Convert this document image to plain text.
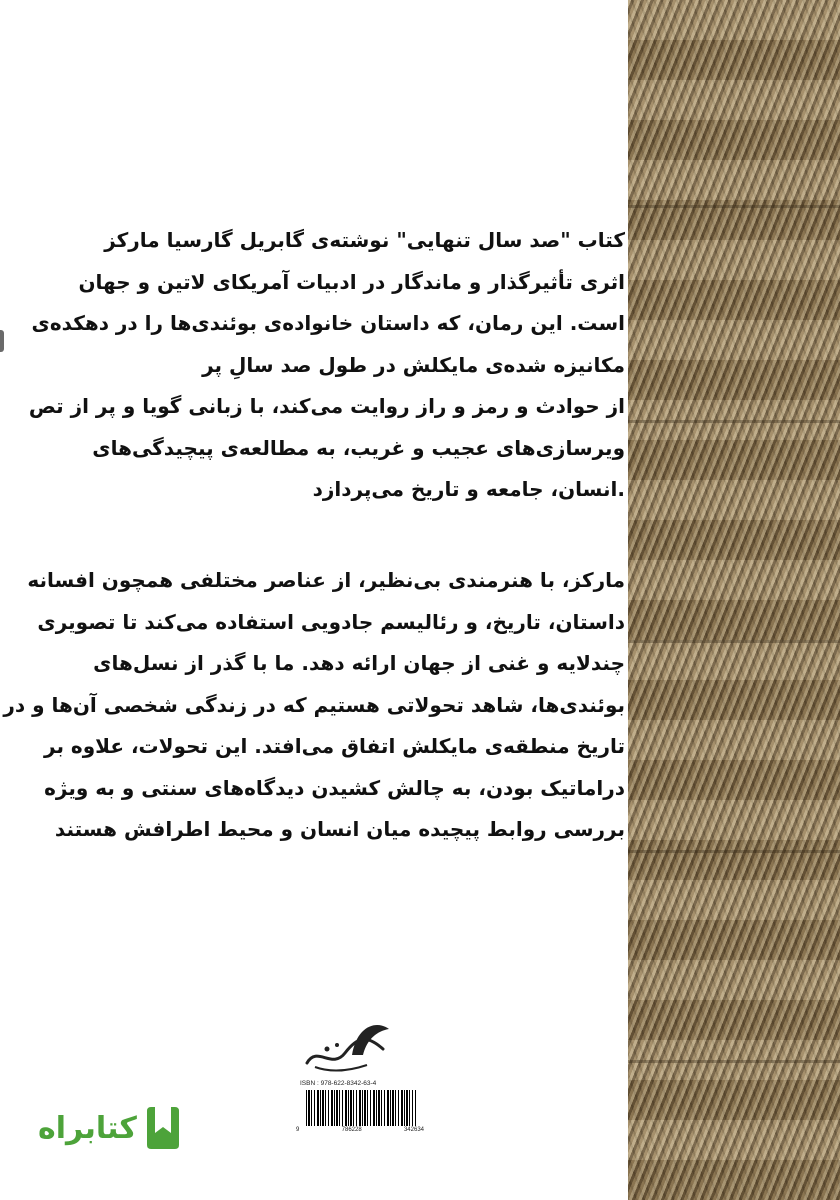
کتاب "صد سال تنهایی" نوشته‌ی گابریل گارسیا مارکز
اثری تأثیرگذار و ماندگار در ادبیات آمریکای لاتین و جهان
است. این رمان، که داستان خانواده‌ی بوئندی‌ها را در دهکده‌ی
مکانیزه شده‌ی مایکلش در طول صد سالِ پر
از حوادث و رمز و راز روایت می‌کند، با زبانی گویا و پر از تص
ویرسازی‌های عجیب و غریب، به مطالعه‌ی پیچیدگی‌های
.انسان، جامعه و تاریخ می‌پردازد
مارکز، با هنرمندی بی‌نظیر، از عناصر مختلفی همچون افسانه
داستان، تاریخ، و رئالیسم جادویی استفاده می‌کند تا تصویری
چندلایه و غنی از جهان ارائه دهد. ما با گذر از نسل‌های
بوئندی‌ها، شاهد تحولاتی هستیم که در زندگی شخصی آن‌ها و در
تاریخ منطقه‌ی مایکلش اتفاق می‌افتد. این تحولات، علاوه بر
دراماتیک بودن، به چالش کشیدن دیدگاه‌های سنتی و به ویژه
بررسی روابط پیچیده میان انسان و محیط اطرافش هستند
ISBN : 978-622-8342-63-4
9	786228	342634
کتابراه
